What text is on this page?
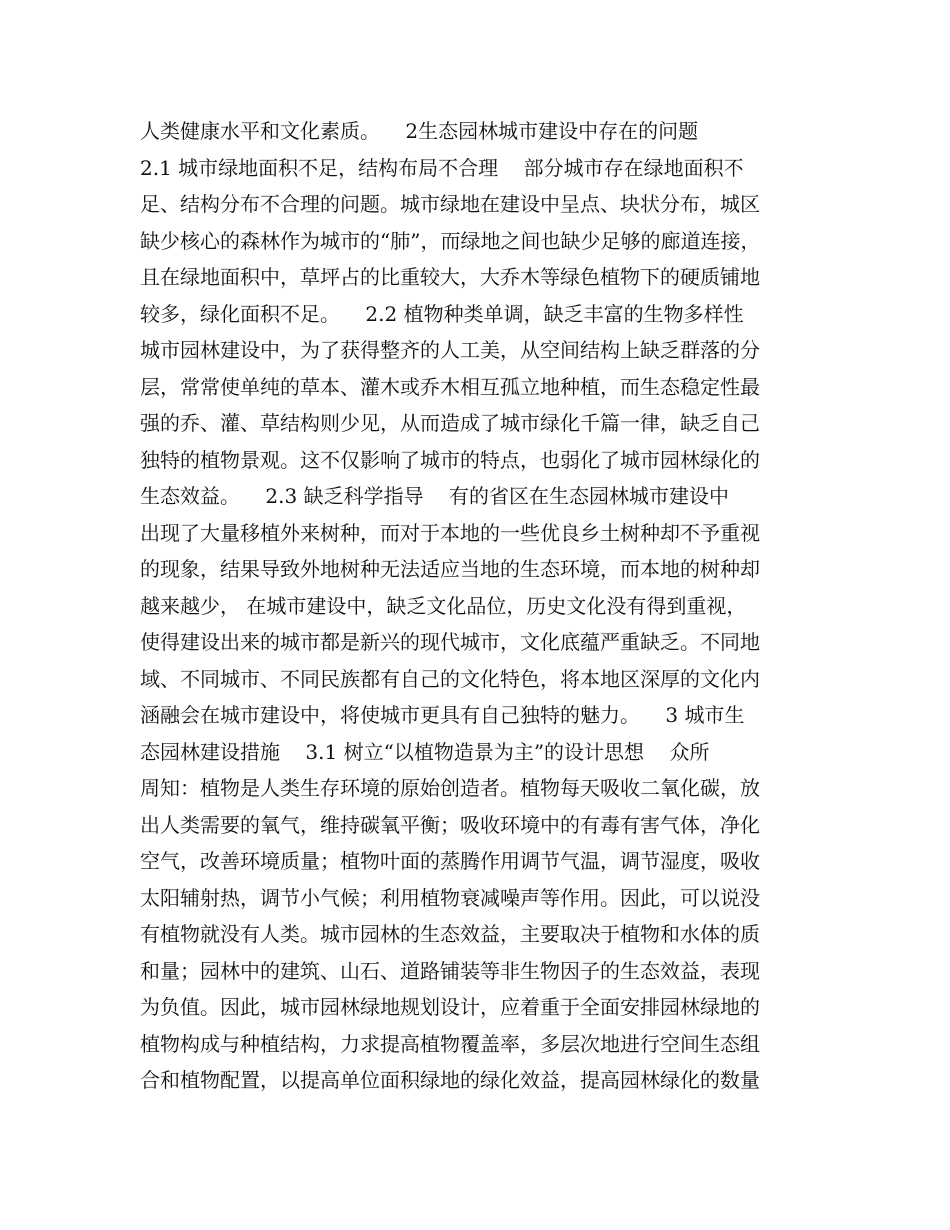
人类健康水平和文化素质。    2生态园林城市建设中存在的问题
2.1 城市绿地面积不足，结构布局不合理    部分城市存在绿地面积不
足、结构分布不合理的问题。城市绿地在建设中呈点、块状分布，城区
缺少核心的森林作为城市的“肺”，而绿地之间也缺少足够的廊道连接，
且在绿地面积中，草坪占的比重较大，大乔木等绿色植物下的硬质铺地
较多，绿化面积不足。    2.2 植物种类单调，缺乏丰富的生物多样性
城市园林建设中，为了获得整齐的人工美，从空间结构上缺乏群落的分
层，常常使单纯的草本、灌木或乔木相互孤立地种植，而生态稳定性最
强的乔、灌、草结构则少见，从而造成了城市绿化千篇一律，缺乏自己
独特的植物景观。这不仅影响了城市的特点，也弱化了城市园林绿化的
生态效益。    2.3 缺乏科学指导    有的省区在生态园林城市建设中
出现了大量移植外来树种，而对于本地的一些优良乡土树种却不予重视
的现象，结果导致外地树种无法适应当地的生态环境，而本地的树种却
越来越少， 在城市建设中，缺乏文化品位，历史文化没有得到重视，
使得建设出来的城市都是新兴的现代城市，文化底蕴严重缺乏。不同地
域、不同城市、不同民族都有自己的文化特色，将本地区深厚的文化内
涵融会在城市建设中，将使城市更具有自己独特的魅力。    3 城市生
态园林建设措施    3.1 树立“以植物造景为主”的设计思想    众所
周知：植物是人类生存环境的原始创造者。植物每天吸收二氧化碳，放
出人类需要的氧气，维持碳氧平衡；吸收环境中的有毒有害气体，净化
空气，改善环境质量；植物叶面的蒸腾作用调节气温，调节湿度，吸收
太阳辅射热，调节小气候；利用植物衰减噪声等作用。因此，可以说没
有植物就没有人类。城市园林的生态效益，主要取决于植物和水体的质
和量；园林中的建筑、山石、道路铺装等非生物因子的生态效益，表现
为负值。因此，城市园林绿地规划设计，应着重于全面安排园林绿地的
植物构成与种植结构，力求提高植物覆盖率，多层次地进行空间生态组
合和植物配置，以提高单位面积绿地的绿化效益，提高园林绿化的数量
